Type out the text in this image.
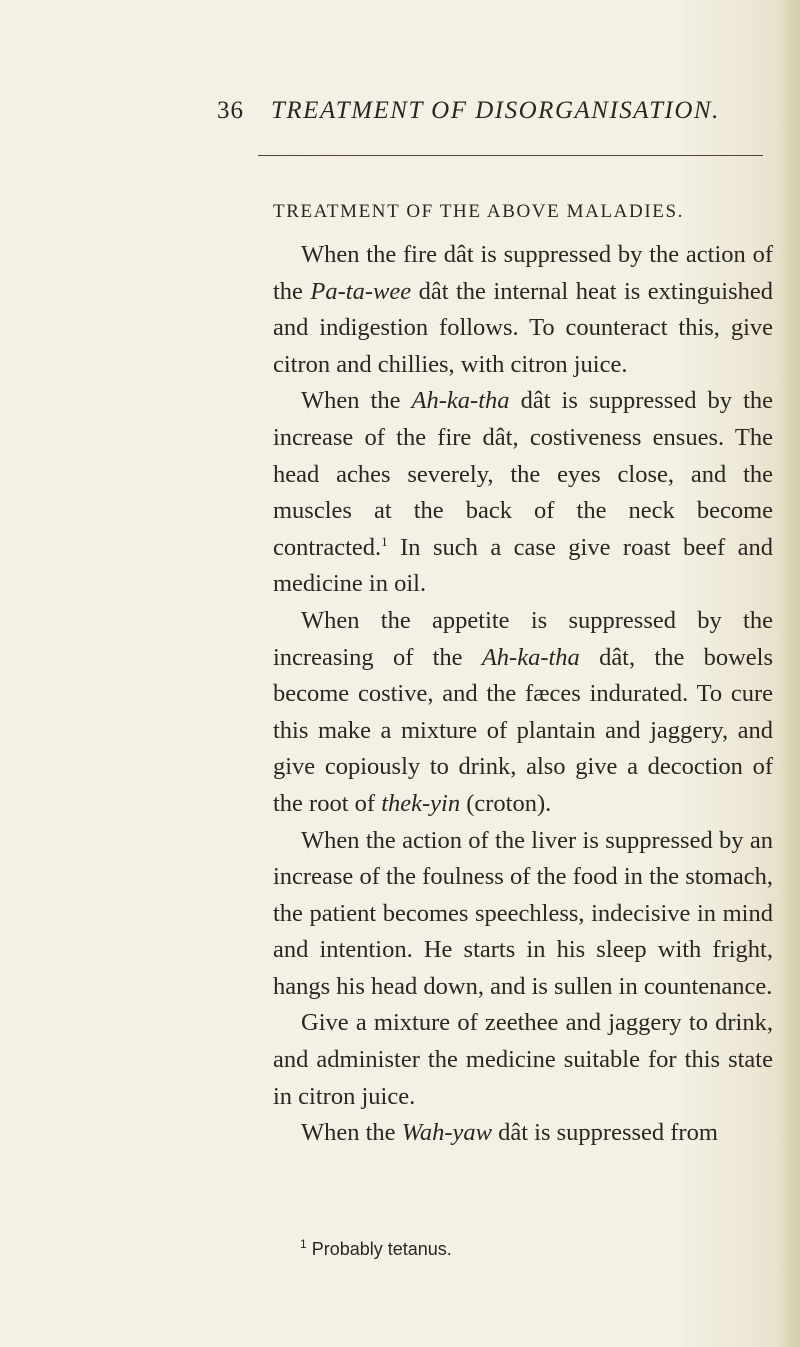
36 TREATMENT OF DISORGANISATION.
TREATMENT OF THE ABOVE MALADIES.

When the fire dât is suppressed by the action of the Pa-ta-wee dât the internal heat is extinguished and indigestion follows. To counteract this, give citron and chillies, with citron juice.

When the Ah-ka-tha dât is suppressed by the increase of the fire dât, costiveness ensues. The head aches severely, the eyes close, and the muscles at the back of the neck become contracted.$^1$ In such a case give roast beef and medicine in oil.

When the appetite is suppressed by the increasing of the Ah-ka-tha dât, the bowels become costive, and the fæces indurated. To cure this make a mixture of plantain and jaggery, and give copiously to drink, also give a decoction of the root of thek-yin (croton).

When the action of the liver is suppressed by an increase of the foulness of the food in the stomach, the patient becomes speechless, indecisive in mind and intention. He starts in his sleep with fright, hangs his head down, and is sullen in countenance.

Give a mixture of zeethee and jaggery to drink, and administer the medicine suitable for this state in citron juice.

When the Wah-yaw dât is suppressed from

$^1$ Probably tetanus.
